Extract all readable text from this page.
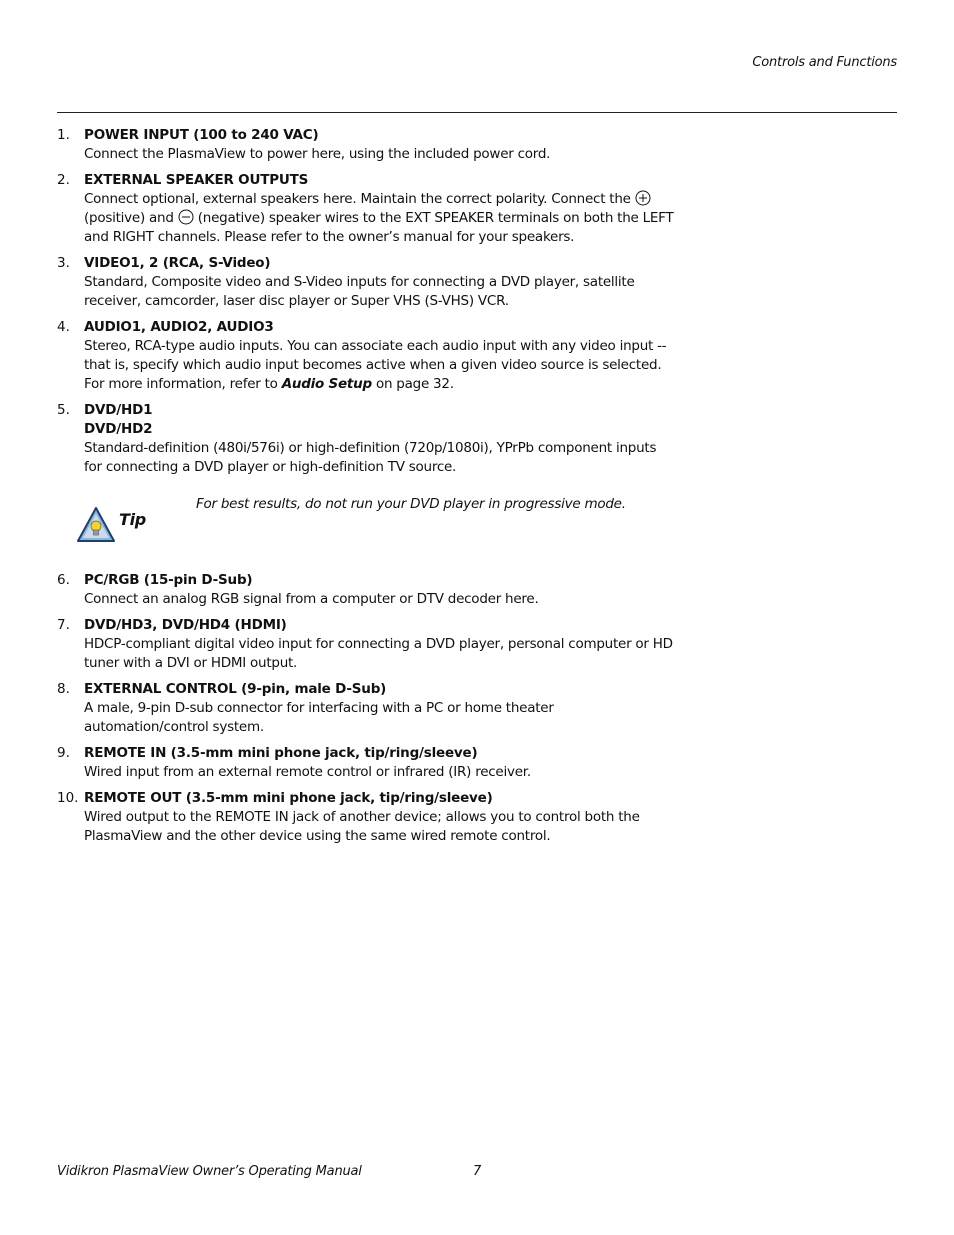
Controls and Functions
1. POWER INPUT (100 to 240 VAC)
Connect the PlasmaView to power here, using the included power cord.
2. EXTERNAL SPEAKER OUTPUTS
Connect optional, external speakers here. Maintain the correct polarity. Connect the  (positive) and (negative) speaker wires to the EXT SPEAKER terminals on both the LEFT and RIGHT channels. Please refer to the owner’s manual for your speakers.
3. VIDEO1, 2 (RCA, S-Video)
Standard, Composite video and S-Video inputs for connecting a DVD player, satellite receiver, camcorder, laser disc player or Super VHS (S-VHS) VCR.
4. AUDIO1, AUDIO2, AUDIO3
Stereo, RCA-type audio inputs. You can associate each audio input with any video input -- that is, specify which audio input becomes active when a given video source is selected. For more information, refer to Audio Setup on page 32.
5. DVD/HD1
DVD/HD2
Standard-definition (480i/576i) or high-definition (720p/1080i), YPrPb component inputs for connecting a DVD player or high-definition TV source.
Tip
For best results, do not run your DVD player in progressive mode.
6. PC/RGB (15-pin D-Sub)
Connect an analog RGB signal from a computer or DTV decoder here.
7. DVD/HD3, DVD/HD4 (HDMI)
HDCP-compliant digital video input for connecting a DVD player, personal computer or HD tuner with a DVI or HDMI output.
8. EXTERNAL CONTROL (9-pin, male D-Sub)
A male, 9-pin D-sub connector for interfacing with a PC or home theater automation/control system.
9. REMOTE IN (3.5-mm mini phone jack, tip/ring/sleeve)
Wired input from an external remote control or infrared (IR) receiver.
10. REMOTE OUT (3.5-mm mini phone jack, tip/ring/sleeve)
Wired output to the REMOTE IN jack of another device; allows you to control both the PlasmaView and the other device using the same wired remote control.
Vidikron PlasmaView Owner’s Operating Manual	7
